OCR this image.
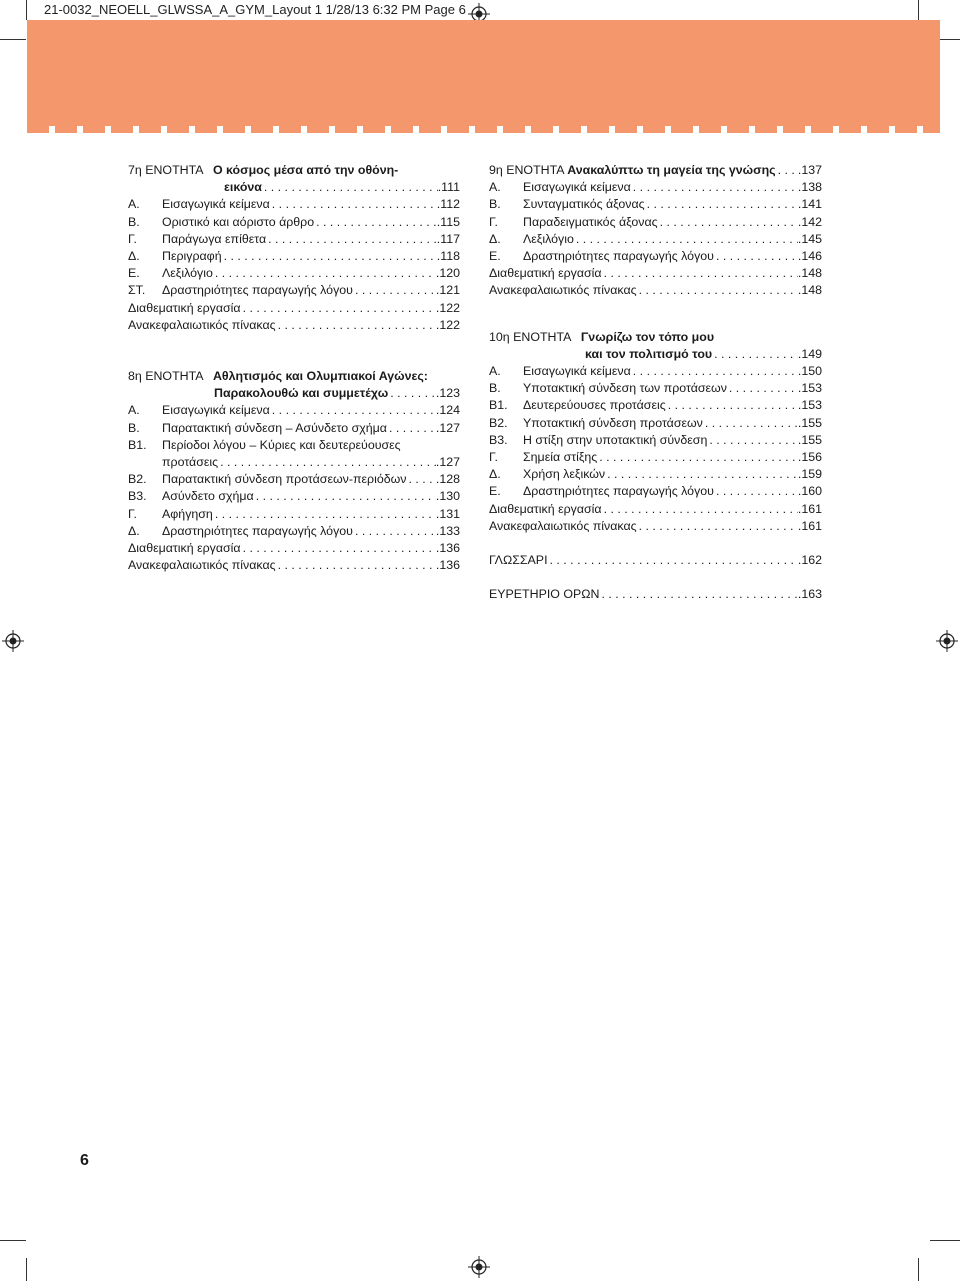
21-0032_NEOELL_GLWSSA_A_GYM_Layout 1 1/28/13 6:32 PM Page 6
7η ΕΝΟΤΗΤΑ Ο κόσμος μέσα από την οθόνη-
εικόνα . . .	.111
Α. Εισαγωγικά κείμενα . . .	.112
Β. Οριστικό και αόριστο άρθρο . . .	.115
Γ. Παράγωγα επίθετα . . .	.117
Δ. Περιγραφή . . .	.118
Ε. Λεξιλόγιο . . .	.120
ΣΤ. Δραστηριότητες παραγωγής λόγου . . .	.121
Διαθεματική εργασία . . .	.122
Ανακεφαλαιωτικός πίνακας . . .	.122
8η ΕΝΟΤΗΤΑ Αθλητισμός και Ολυμπιακοί Αγώνες:
Παρακολουθώ και συμμετέχω . . .	.123
Α. Εισαγωγικά κείμενα . . .	.124
Β. Παρατακτική σύνδεση – Ασύνδετο σχήμα . . .	.127
Β1. Περίοδοι λόγου – Κύριες και δευτερεύουσες
προτάσεις . . .	.127
Β2. Παρατακτική σύνδεση προτάσεων-περιόδων . . . .128
Β3. Ασύνδετο σχήμα . . .	.130
Γ. Αφήγηση . . .	.131
Δ. Δραστηριότητες παραγωγής λόγου . . .	.133
Διαθεματική εργασία . . .	.136
Ανακεφαλαιωτικός πίνακας . . .	.136
9η ΕΝΟΤΗΤΑ Ανακαλύπτω τη μαγεία της γνώσης . . . .137
Α. Εισαγωγικά κείμενα . . .	.138
Β. Συνταγματικός άξονας . . .	.141
Γ. Παραδειγματικός άξονας . . .	.142
Δ. Λεξιλόγιο . . .	.145
Ε. Δραστηριότητες παραγωγής λόγου . . .	.146
Διαθεματική εργασία . . .	.148
Ανακεφαλαιωτικός πίνακας . . .	.148
10η ΕΝΟΤΗΤΑ Γνωρίζω τον τόπο μου
και τον πολιτισμό του . . .	.149
Α. Εισαγωγικά κείμενα . . .	.150
Β. Υποτακτική σύνδεση των προτάσεων . . .	.153
Β1. Δευτερεύουσες προτάσεις . . .	.153
Β2. Υποτακτική σύνδεση προτάσεων . . .	.155
Β3. Η στίξη στην υποτακτική σύνδεση . . .	.155
Γ. Σημεία στίξης . . .	.156
Δ. Χρήση λεξικών . . .	.159
Ε. Δραστηριότητες παραγωγής λόγου . . .	.160
Διαθεματική εργασία . . .	.161
Ανακεφαλαιωτικός πίνακας . . .	.161
ΓΛΩΣΣΑΡΙ . . .	.162
ΕΥΡΕΤΗΡΙΟ ΟΡΩΝ . . .	.163
6
